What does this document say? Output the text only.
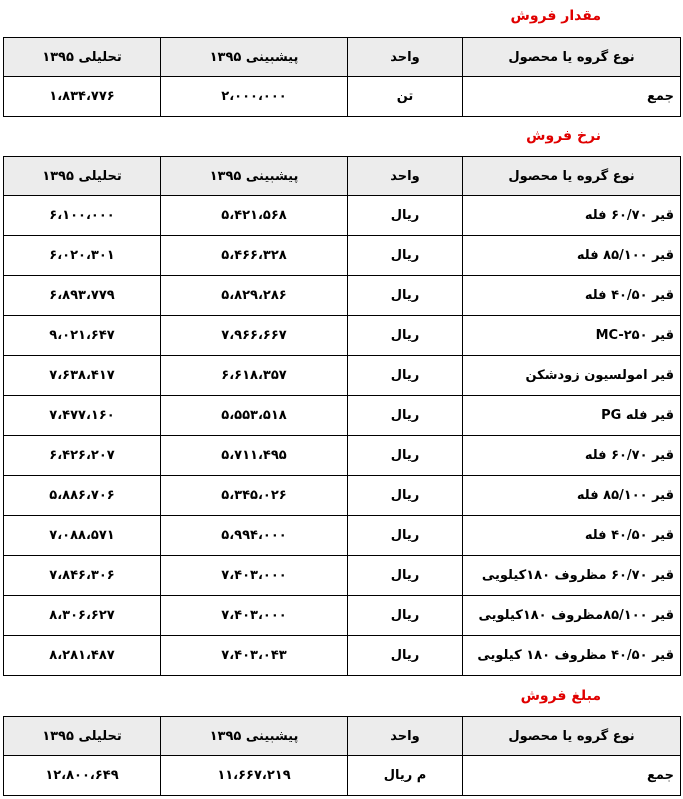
مقدار فروش
نوع گروه یا محصول	واحد	پیشبینی ۱۳۹۵	تحلیلی ۱۳۹۵
جمع	تن	۲،۰۰۰،۰۰۰	۱،۸۳۴،۷۷۶
نرخ فروش
نوع گروه یا محصول	واحد	پیشبینی ۱۳۹۵	تحلیلی ۱۳۹۵
قیر ۶۰/۷۰ فله	ریال	۵،۴۲۱،۵۶۸	۶،۱۰۰،۰۰۰
قیر ۸۵/۱۰۰ فله	ریال	۵،۴۶۶،۳۲۸	۶،۰۲۰،۳۰۱
قیر ۴۰/۵۰ فله	ریال	۵،۸۲۹،۲۸۶	۶،۸۹۳،۷۷۹
قیر MC-۲۵۰	ریال	۷،۹۶۶،۶۶۷	۹،۰۲۱،۶۴۷
قیر امولسیون زودشکن	ریال	۶،۶۱۸،۳۵۷	۷،۶۳۸،۴۱۷
قیر فله PG	ریال	۵،۵۵۳،۵۱۸	۷،۴۷۷،۱۶۰
قیر ۶۰/۷۰ فله	ریال	۵،۷۱۱،۴۹۵	۶،۴۲۶،۲۰۷
قیر ۸۵/۱۰۰ فله	ریال	۵،۳۴۵،۰۲۶	۵،۸۸۶،۷۰۶
قیر ۴۰/۵۰ فله	ریال	۵،۹۹۴،۰۰۰	۷،۰۸۸،۵۷۱
قیر ۶۰/۷۰ مظروف ۱۸۰کیلویی	ریال	۷،۴۰۳،۰۰۰	۷،۸۴۶،۳۰۶
قیر ۸۵/۱۰۰مظروف ۱۸۰کیلویی	ریال	۷،۴۰۳،۰۰۰	۸،۳۰۶،۶۲۷
قیر ۴۰/۵۰ مظروف ۱۸۰ کیلویی	ریال	۷،۴۰۳،۰۴۳	۸،۲۸۱،۴۸۷
مبلغ فروش
نوع گروه یا محصول	واحد	پیشبینی ۱۳۹۵	تحلیلی ۱۳۹۵
جمع	م ریال	۱۱،۶۶۷،۲۱۹	۱۲،۸۰۰،۶۴۹
